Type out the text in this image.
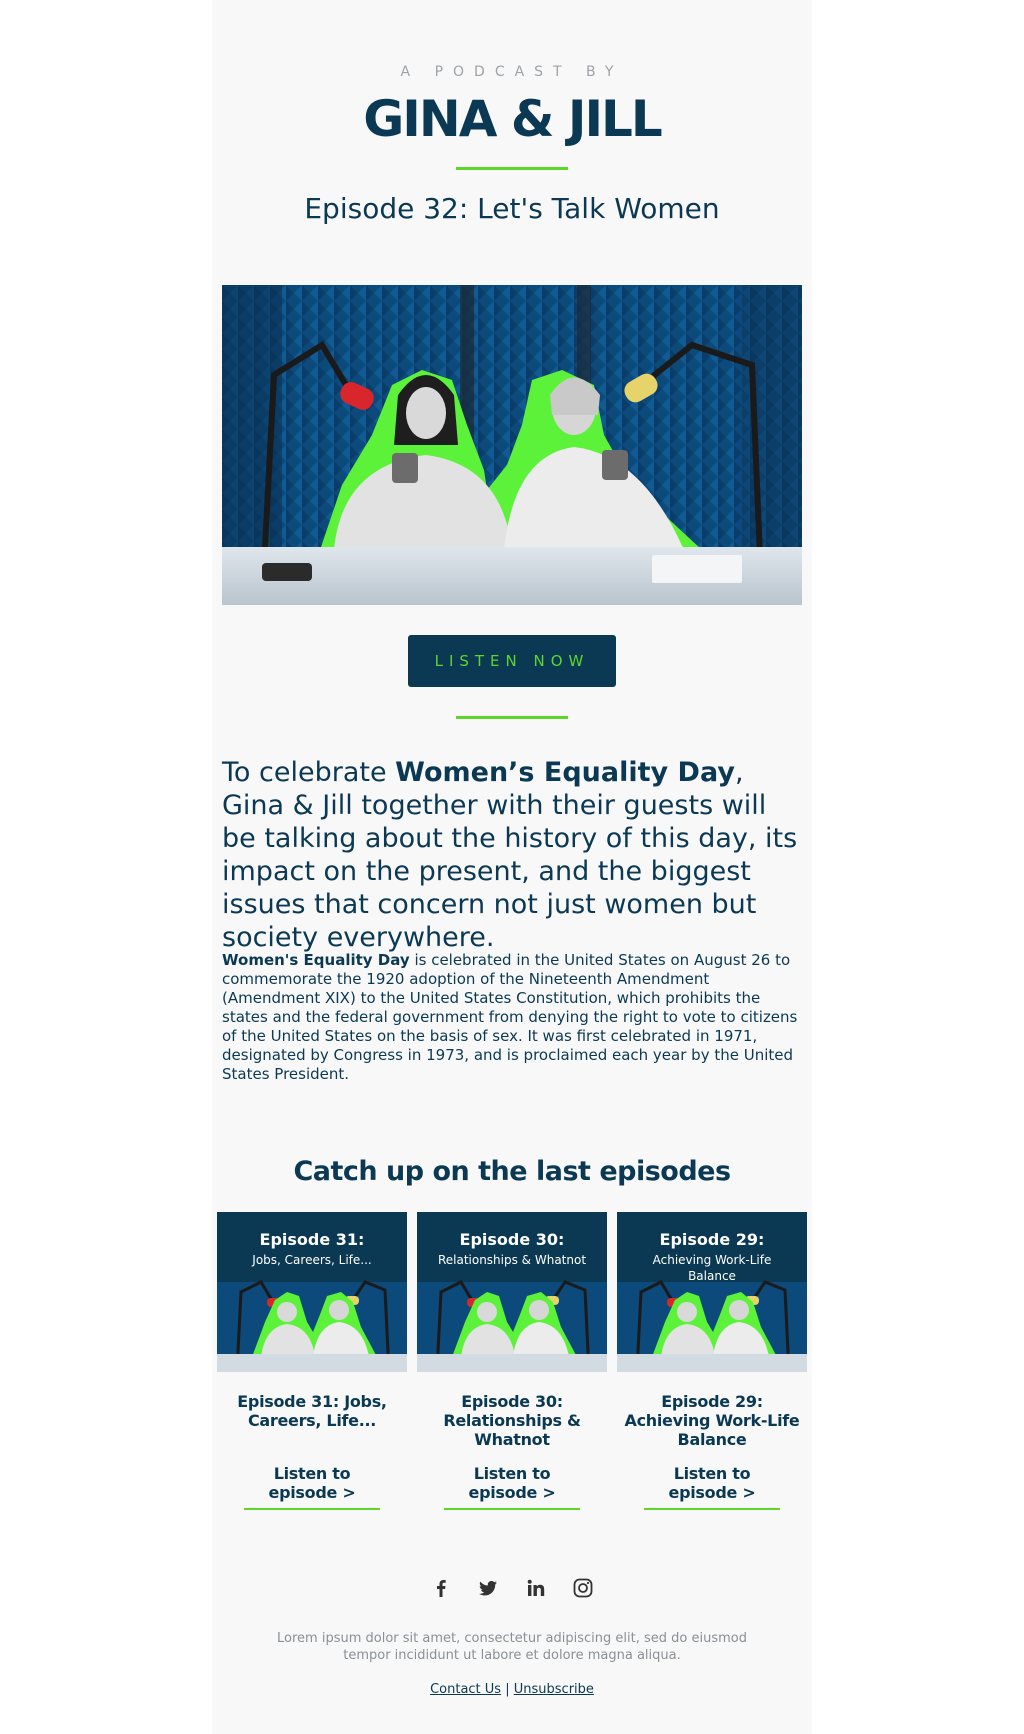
A PODCAST BY
GINA & JILL
Episode 32: Let's Talk Women
LISTEN NOW

To celebrate Women’s Equality Day, Gina & Jill together with their guests will be talking about the history of this day, its impact on the present, and the biggest issues that concern not just women but society everywhere.

Women's Equality Day is celebrated in the United States on August 26 to commemorate the 1920 adoption of the Nineteenth Amendment (Amendment XIX) to the United States Constitution, which prohibits the states and the federal government from denying the right to vote to citizens of the United States on the basis of sex. It was first celebrated in 1971, designated by Congress in 1973, and is proclaimed each year by the United States President.

Catch up on the last episodes
Episode 31:
Jobs, Careers, Life...
Episode 31: Jobs, Careers, Life...
Listen to episode >
Episode 30:
Relationships & Whatnot
Episode 30: Relationships & Whatnot
Listen to episode >
Episode 29:
Achieving Work-Life Balance
Episode 29: Achieving Work-Life Balance
Listen to episode >

Lorem ipsum dolor sit amet, consectetur adipiscing elit, sed do eiusmod tempor incididunt ut labore et dolore magna aliqua.

Contact Us | Unsubscribe
